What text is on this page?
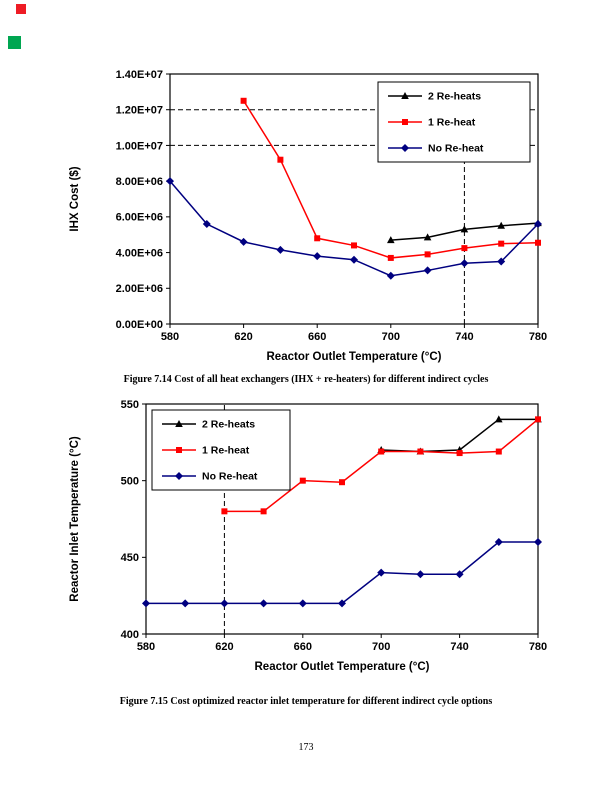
0.00E+00
2.00E+06
4.00E+06
6.00E+06
8.00E+06
1.00E+07
1.20E+07
1.40E+07
580	620	660	700	740	780
2 Re-heats
1 Re-heat
No Re-heat
Reactor Outlet Temperature (°C)
IHX Cost ($)
Figure 7.14 Cost of all heat exchangers (IHX + re-heaters) for different indirect cycles
400
450
500
550
580	620	660	700	740	780
2 Re-heats
1 Re-heat
No Re-heat
Reactor Outlet Temperature (°C)
Reactor Inlet Temperature (°C)
Figure 7.15 Cost optimized reactor inlet temperature for different indirect cycle options
173
